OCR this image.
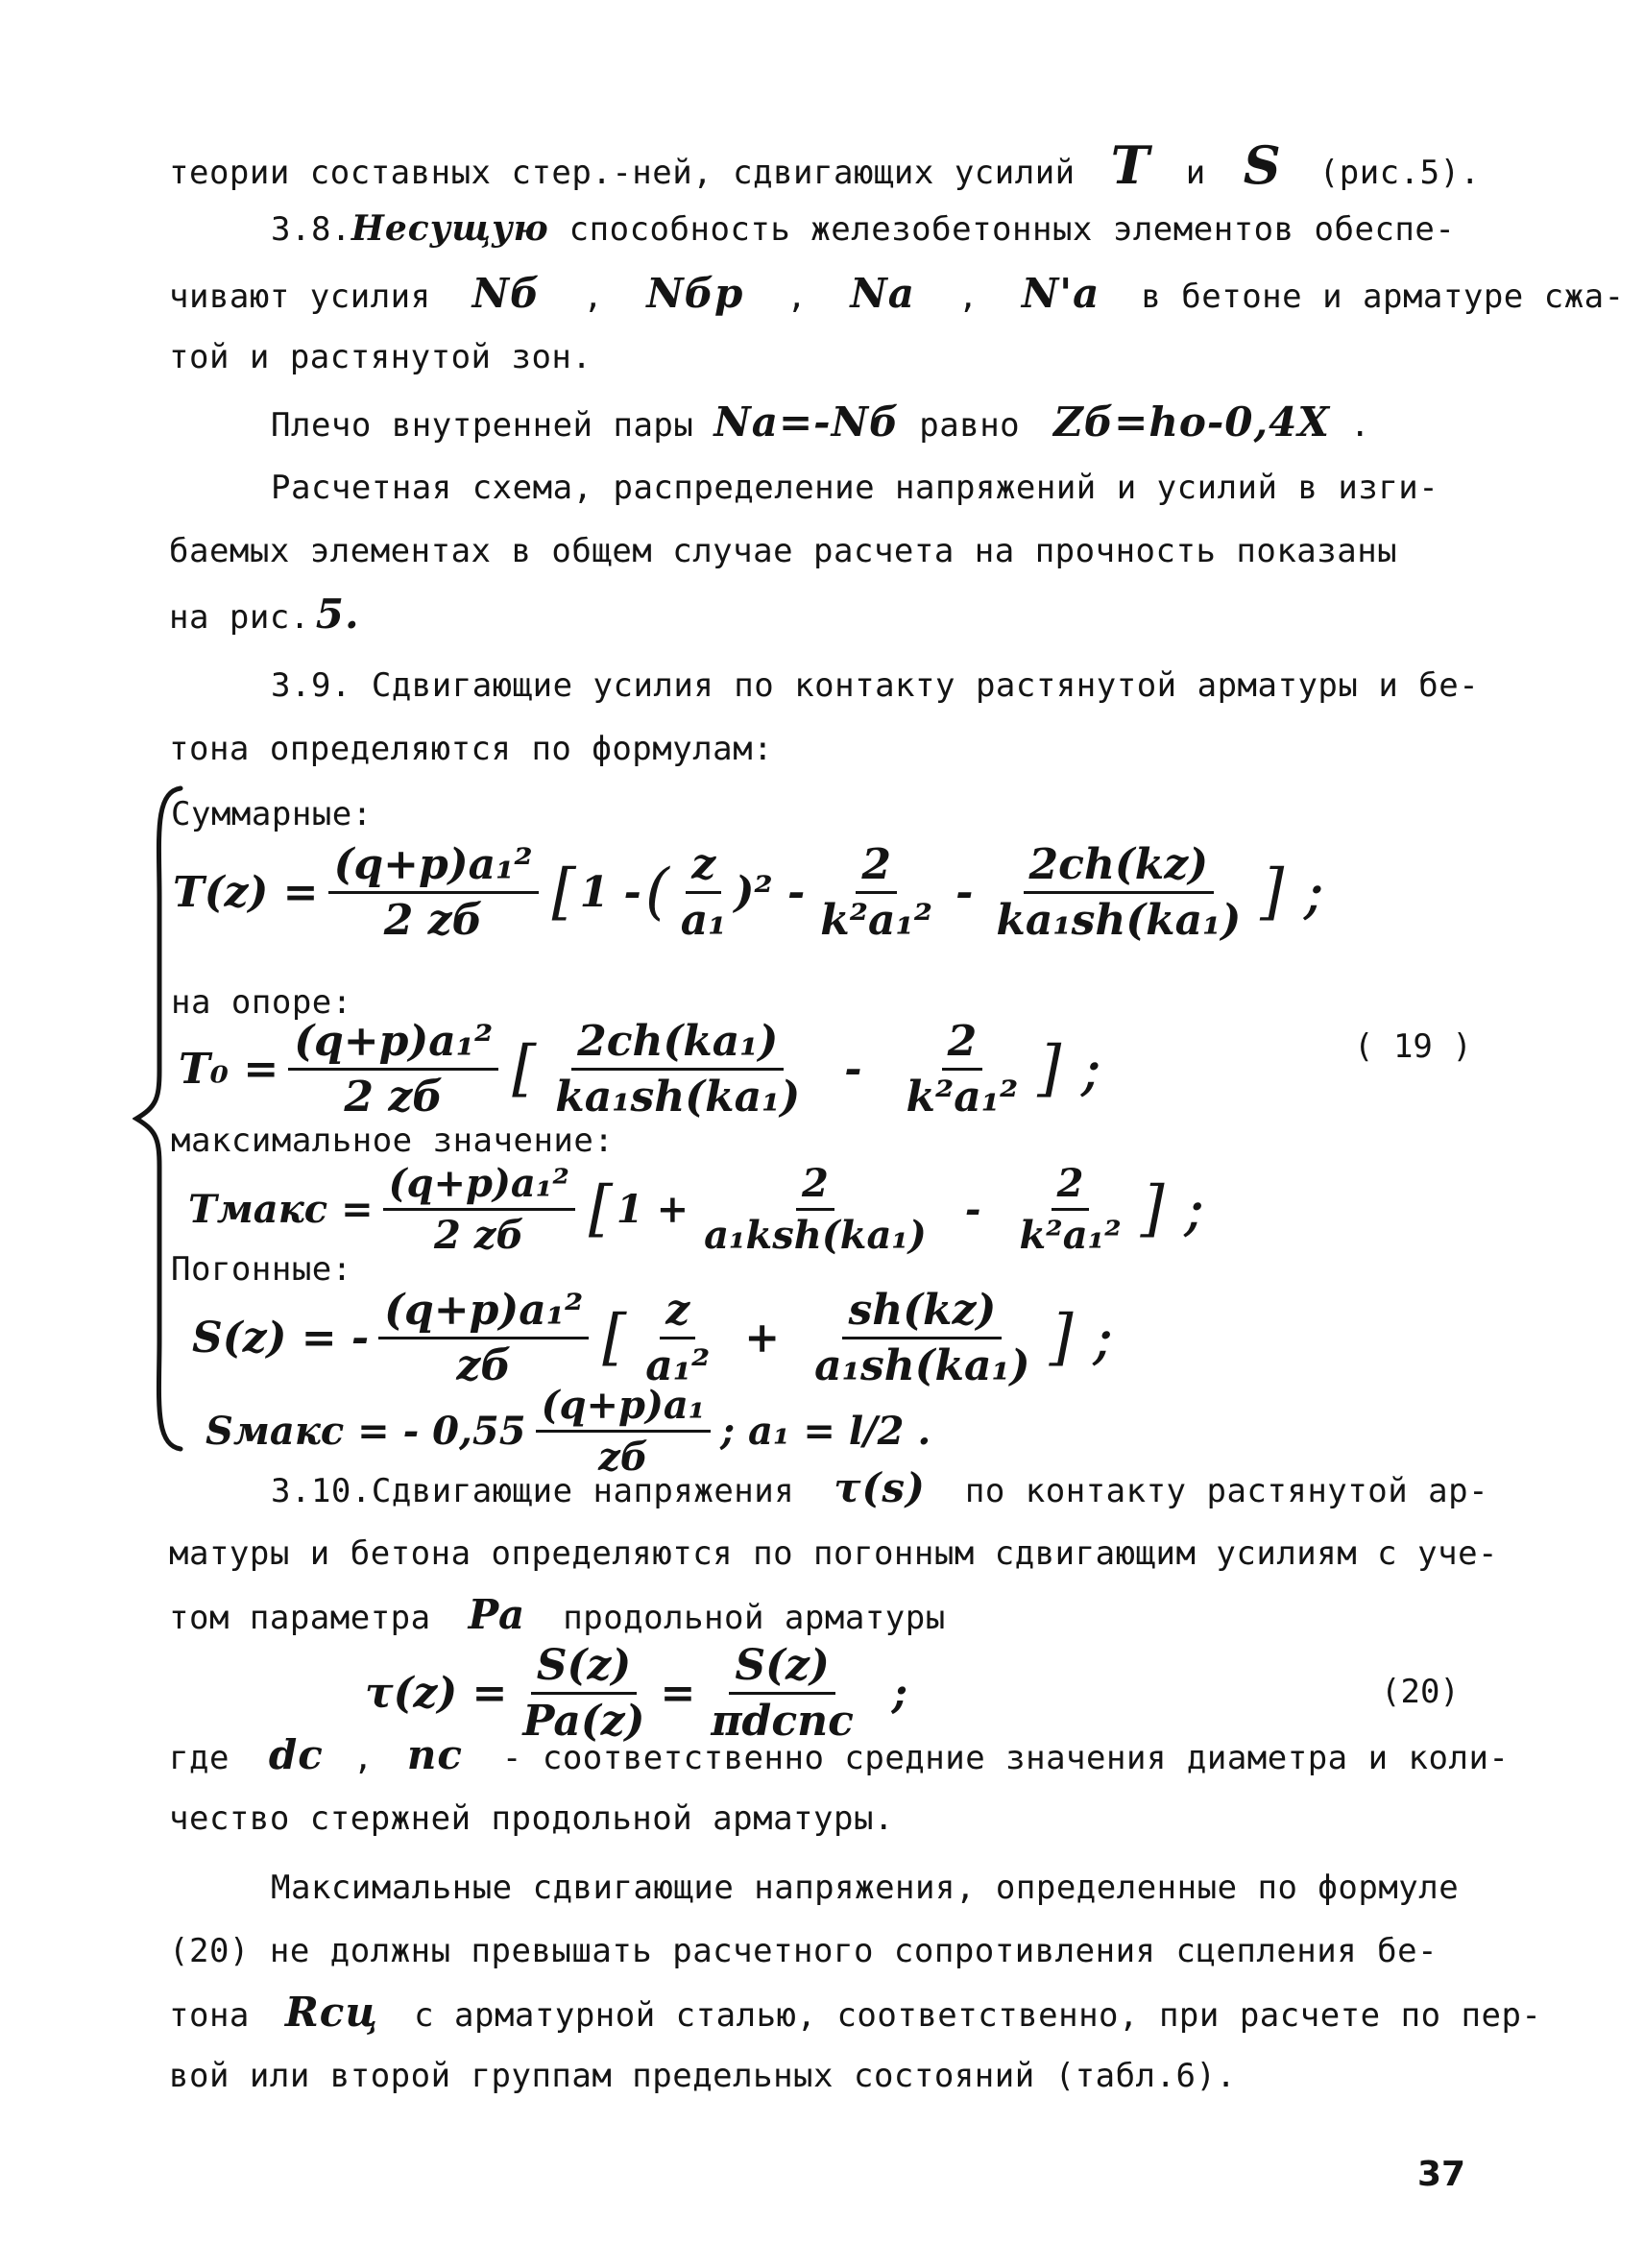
теории составных стер.-ней, сдвигающих усилий T и S (рис.5).
3.8.Несущую способность железобетонных элементов обеспе-
чивают усилия Nб , Nбр , Na , N'a в бетоне и арматуре сжа-
той и растянутой зон.
Плечо внутренней пары Na=-Nб равно Zб=hо-0,4X .
Расчетная схема, распределение напряжений и усилий в изги-
баемых элементах в общем случае расчета на прочность показаны
на рис. 5.
3.9. Сдвигающие усилия по контакту растянутой арматуры и бе-
тона определяются по формулам:
Суммарные:
$T(z) = \frac{\text{(q+p)a₁²}}{2 zб}$ [ 1 - ( $\frac{z}{\text{a₁}} )^2 - \frac{2}{\text{k²a₁²}} - \frac{2ch(kz)}{\text{ka₁sh(ka₁)}}$ ] ;
на опоре:
$T_0 = \frac{\text{(q+p)a₁²}}{2 zб}$ [ $\frac{\text{2ch(ka₁)}}{\text{ka₁sh(ka₁)}} - \frac{2}{\text{k²a₁²}}$ ] ;	( 19 )
максимальное значение:
Tмакс = $\frac{\text{(q+p)a₁²}}{2 zб}$ [ $1 + \frac{2}{\text{a₁ksh(ka₁)}} - \frac{2}{\text{k²a₁²}}$ ] ;
Погонные:
S(z) = - $\frac{\text{(q+p)a₁²}}{zб}$ [ $\frac{z}{\text{a₁²}} + \frac{sh(kz)}{\text{a₁sh(ka₁)}}$ ] ;
Sмакс = - $0,55 \frac{\text{(q+p)a₁}}{zб}$ ; a₁ = l/2 .
3.10.Сдвигающие напряжения τ(s) по контакту растянутой ар-
матуры и бетона определяются по погонным сдвигающим усилиям с уче-
том параметра Pa продольной арматуры
$\tau(z) = \frac{S(z)}{Pa(z)} = \frac{S(z)}{\text{πdcnc}}$ ;	(20)
где dc , nc - соответственно средние значения диаметра и коли-
чество стержней продольной арматуры.
Максимальные сдвигающие напряжения, определенные по формуле
(20) не должны превышать расчетного сопротивления сцепления бе-
тона Rсц с арматурной сталью, соответственно, при расчете по пер-
вой или второй группам предельных состояний (табл.6).
37
